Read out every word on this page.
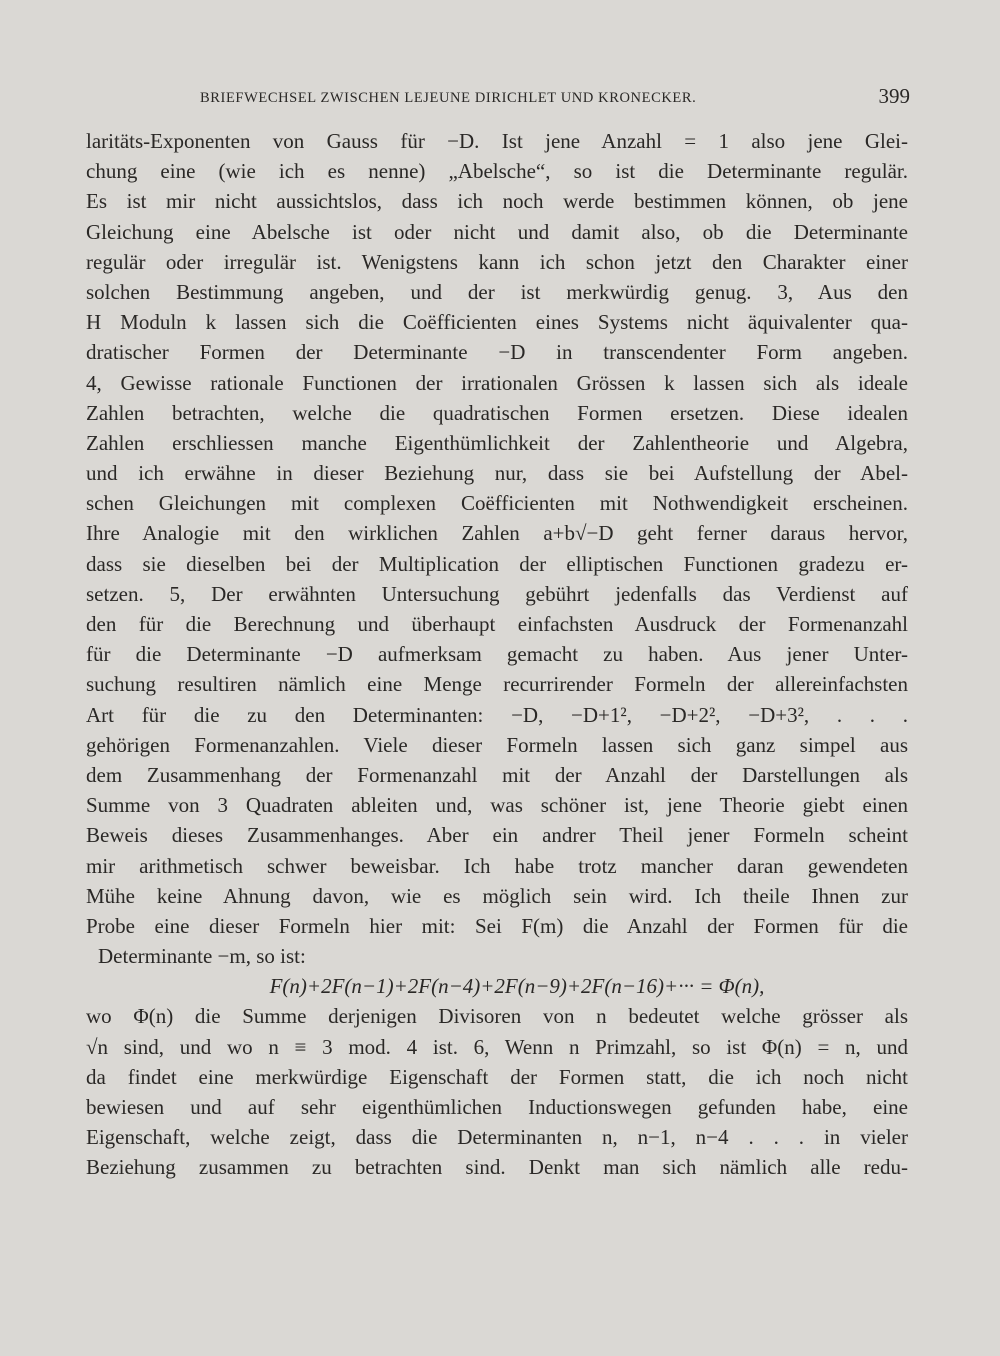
BRIEFWECHSEL ZWISCHEN LEJEUNE DIRICHLET UND KRONECKER.	399
laritäts-Exponenten von Gauss für −D. Ist jene Anzahl = 1 also jene Glei-
chung eine (wie ich es nenne) „Abelsche“, so ist die Determinante regulär.
Es ist mir nicht aussichtslos, dass ich noch werde bestimmen können, ob jene
Gleichung eine Abelsche ist oder nicht und damit also, ob die Determinante
regulär oder irregulär ist. Wenigstens kann ich schon jetzt den Charakter einer
solchen Bestimmung angeben, und der ist merkwürdig genug. 3, Aus den
H Moduln k lassen sich die Coëfficienten eines Systems nicht äquivalenter qua-
dratischer Formen der Determinante −D in transcendenter Form angeben.
4, Gewisse rationale Functionen der irrationalen Grössen k lassen sich als ideale
Zahlen betrachten, welche die quadratischen Formen ersetzen. Diese idealen
Zahlen erschliessen manche Eigenthümlichkeit der Zahlentheorie und Algebra,
und ich erwähne in dieser Beziehung nur, dass sie bei Aufstellung der Abel-
schen Gleichungen mit complexen Coëfficienten mit Nothwendigkeit erscheinen.
Ihre Analogie mit den wirklichen Zahlen a+b√−D geht ferner daraus hervor,
dass sie dieselben bei der Multiplication der elliptischen Functionen gradezu er-
setzen. 5, Der erwähnten Untersuchung gebührt jedenfalls das Verdienst auf
den für die Berechnung und überhaupt einfachsten Ausdruck der Formenanzahl
für die Determinante −D aufmerksam gemacht zu haben. Aus jener Unter-
suchung resultiren nämlich eine Menge recurrirender Formeln der allereinfachsten
Art für die zu den Determinanten: −D, −D+1², −D+2², −D+3², . . .
gehörigen Formenanzahlen. Viele dieser Formeln lassen sich ganz simpel aus
dem Zusammenhang der Formenanzahl mit der Anzahl der Darstellungen als
Summe von 3 Quadraten ableiten und, was schöner ist, jene Theorie giebt einen
Beweis dieses Zusammenhanges. Aber ein andrer Theil jener Formeln scheint
mir arithmetisch schwer beweisbar. Ich habe trotz mancher daran gewendeten
Mühe keine Ahnung davon, wie es möglich sein wird. Ich theile Ihnen zur
Probe eine dieser Formeln hier mit: Sei F(m) die Anzahl der Formen für die
Determinante −m, so ist:
F(n)+2F(n−1)+2F(n−4)+2F(n−9)+2F(n−16)+··· = Φ(n),
wo Φ(n) die Summe derjenigen Divisoren von n bedeutet welche grösser als
√n sind, und wo n ≡ 3 mod. 4 ist. 6, Wenn n Primzahl, so ist Φ(n) = n, und
da findet eine merkwürdige Eigenschaft der Formen statt, die ich noch nicht
bewiesen und auf sehr eigenthümlichen Inductionswegen gefunden habe, eine
Eigenschaft, welche zeigt, dass die Determinanten n, n−1, n−4 . . . in vieler
Beziehung zusammen zu betrachten sind. Denkt man sich nämlich alle redu-
